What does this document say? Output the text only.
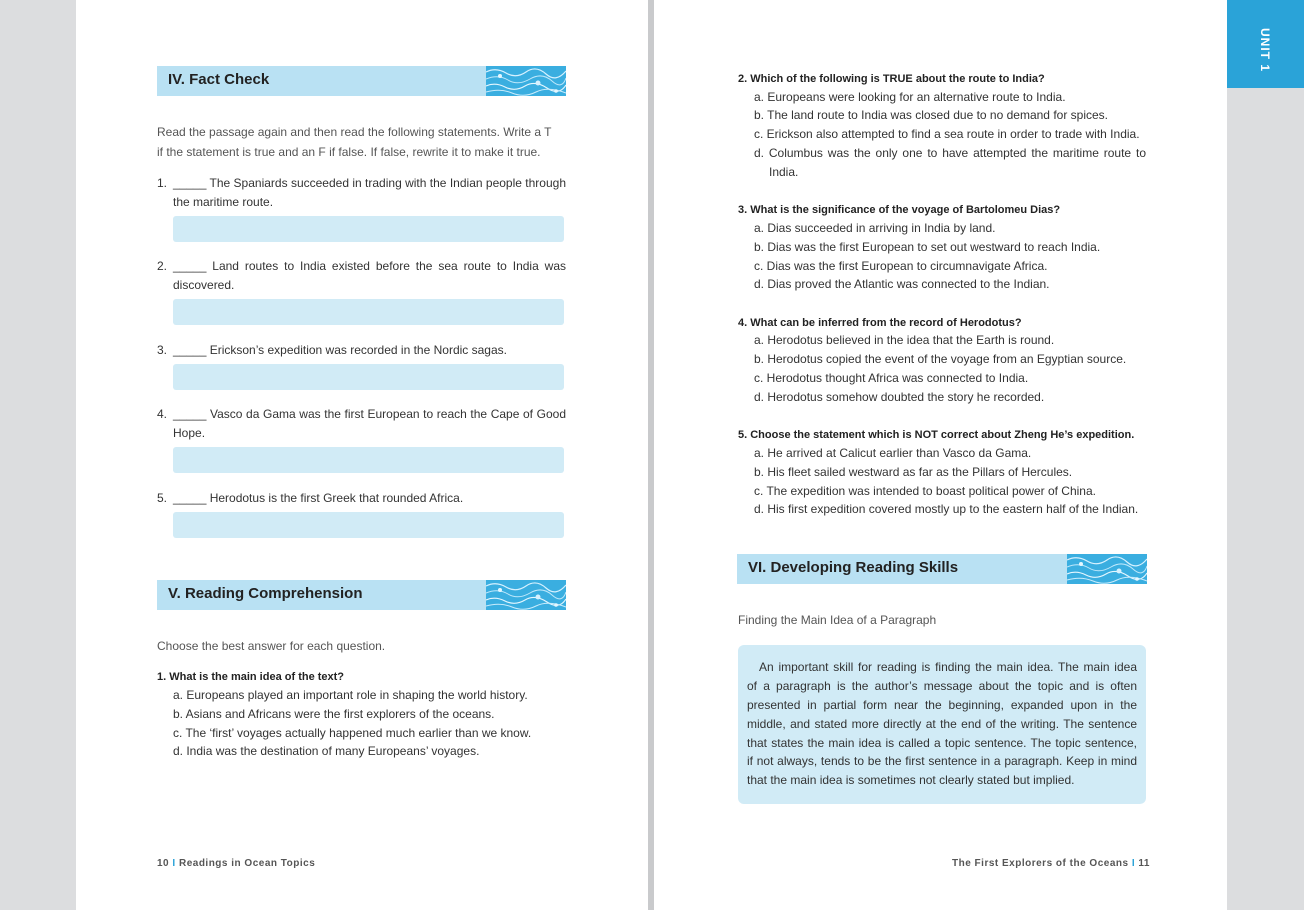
UNIT 1
IV. Fact Check
Read the passage again and then read the following statements. Write a T
if the statement is true and an F if false. If false, rewrite it to make it true.
1. _____ The Spaniards succeeded in trading with the Indian people through
the maritime route.
2. _____ Land routes to India existed before the sea route to India was
discovered.
3. _____ Erickson’s expedition was recorded in the Nordic sagas.
4. _____ Vasco da Gama was the first European to reach the Cape of Good
Hope.
5. _____ Herodotus is the first Greek that rounded Africa.
V. Reading Comprehension
Choose the best answer for each question.
1. What is the main idea of the text?
a. Europeans played an important role in shaping the world history.
b. Asians and Africans were the first explorers of the oceans.
c. The ‘first’ voyages actually happened much earlier than we know.
d. India was the destination of many Europeans’ voyages.
10 I Readings in Ocean Topics
2. Which of the following is TRUE about the route to India?
a. Europeans were looking for an alternative route to India.
b. The land route to India was closed due to no demand for spices.
c. Erickson also attempted to find a sea route in order to trade with India.
d. Columbus was the only one to have attempted the maritime route to
India.
3. What is the significance of the voyage of Bartolomeu Dias?
a. Dias succeeded in arriving in India by land.
b. Dias was the first European to set out westward to reach India.
c. Dias was the first European to circumnavigate Africa.
d. Dias proved the Atlantic was connected to the Indian.
4. What can be inferred from the record of Herodotus?
a. Herodotus believed in the idea that the Earth is round.
b. Herodotus copied the event of the voyage from an Egyptian source.
c. Herodotus thought Africa was connected to India.
d. Herodotus somehow doubted the story he recorded.
5. Choose the statement which is NOT correct about Zheng He’s expedition.
a. He arrived at Calicut earlier than Vasco da Gama.
b. His fleet sailed westward as far as the Pillars of Hercules.
c. The expedition was intended to boast political power of China.
d. His first expedition covered mostly up to the eastern half of the Indian.
VI. Developing Reading Skills
Finding the Main Idea of a Paragraph
An important skill for reading is finding the main idea. The main idea
of a paragraph is the author’s message about the topic and is often
presented in partial form near the beginning, expanded upon in the
middle, and stated more directly at the end of the writing. The sentence
that states the main idea is called a topic sentence. The topic sentence,
if not always, tends to be the first sentence in a paragraph. Keep in mind
that the main idea is sometimes not clearly stated but implied.
The First Explorers of the Oceans I 11
